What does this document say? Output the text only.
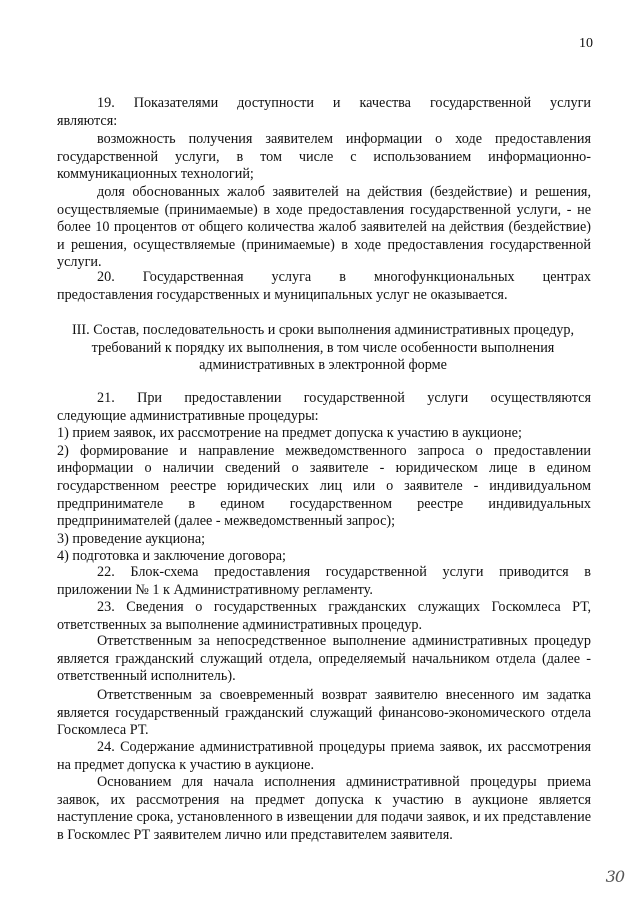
10

19. Показателями доступности и качества государственной услуги

являются:

возможность получения заявителем информации о ходе предоставления государственной услуги, в том числе с использованием информационно-коммуникационных технологий;

доля обоснованных жалоб заявителей на действия (бездействие) и решения, осуществляемые (принимаемые) в ходе предоставления государственной услуги, - не более 10 процентов от общего количества жалоб заявителей на действия (бездействие) и решения, осуществляемые (принимаемые) в ходе предоставления государственной услуги.

20. Государственная услуга в многофункциональных центрах

предоставления государственных и муниципальных услуг не оказывается.

III. Состав, последовательность и сроки выполнения административных процедур,

требований к порядку их выполнения, в том числе особенности выполнения

административных в электронной форме

21. При предоставлении государственной услуги осуществляются

следующие административные процедуры:

1) прием заявок, их рассмотрение на предмет допуска к участию в аукционе;

2) формирование и направление межведомственного запроса о предоставлении информации о наличии сведений о заявителе - юридическом лице в едином государственном реестре юридических лиц или о заявителе - индивидуальном предпринимателе в едином государственном реестре индивидуальных предпринимателей (далее - межведомственный запрос);

3) проведение аукциона;

4) подготовка и заключение договора;

22. Блок-схема предоставления государственной услуги приводится в приложении № 1 к Административному регламенту.

23. Сведения о государственных гражданских служащих Госкомлеса РТ, ответственных за выполнение административных процедур.

Ответственным за непосредственное выполнение административных процедур является гражданский служащий отдела, определяемый начальником отдела (далее - ответственный исполнитель).

Ответственным за своевременный возврат заявителю внесенного им задатка является государственный гражданский служащий финансово-экономического отдела Госкомлеса РТ.

24. Содержание административной процедуры приема заявок, их рассмотрения на предмет допуска к участию в аукционе.

Основанием для начала исполнения административной процедуры приема заявок, их рассмотрения на предмет допуска к участию в аукционе является наступление срока, установленного в извещении для подачи заявок, и их представление в Госкомлес РТ заявителем лично или представителем заявителя.

30
